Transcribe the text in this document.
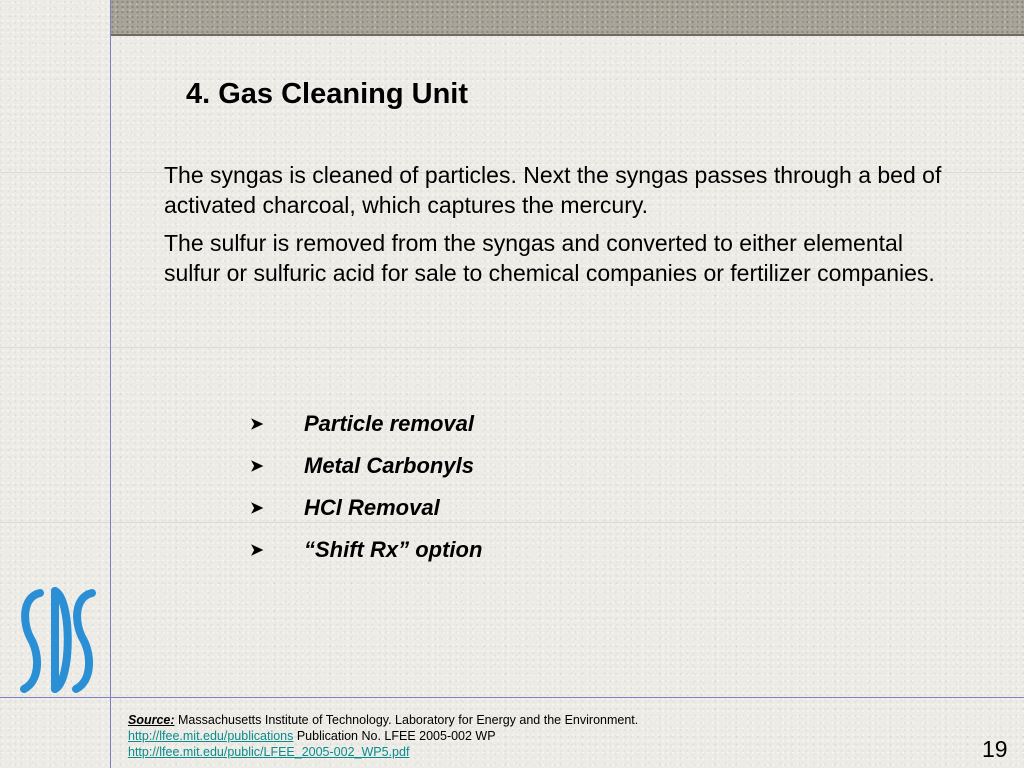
4. Gas Cleaning Unit

The syngas is cleaned of particles. Next the syngas passes through a bed of activated charcoal, which captures the mercury.

The sulfur is removed from the syngas and converted to either elemental sulfur or sulfuric acid for sale to chemical companies or fertilizer companies.

➤	Particle removal
➤	Metal Carbonyls
➤	HCl Removal
➤	“Shift Rx” option
Source: Massachusetts Institute of Technology. Laboratory for Energy and the Environment.
http://lfee.mit.edu/publications Publication No. LFEE 2005-002 WP
http://lfee.mit.edu/public/LFEE_2005-002_WP5.pdf	19
